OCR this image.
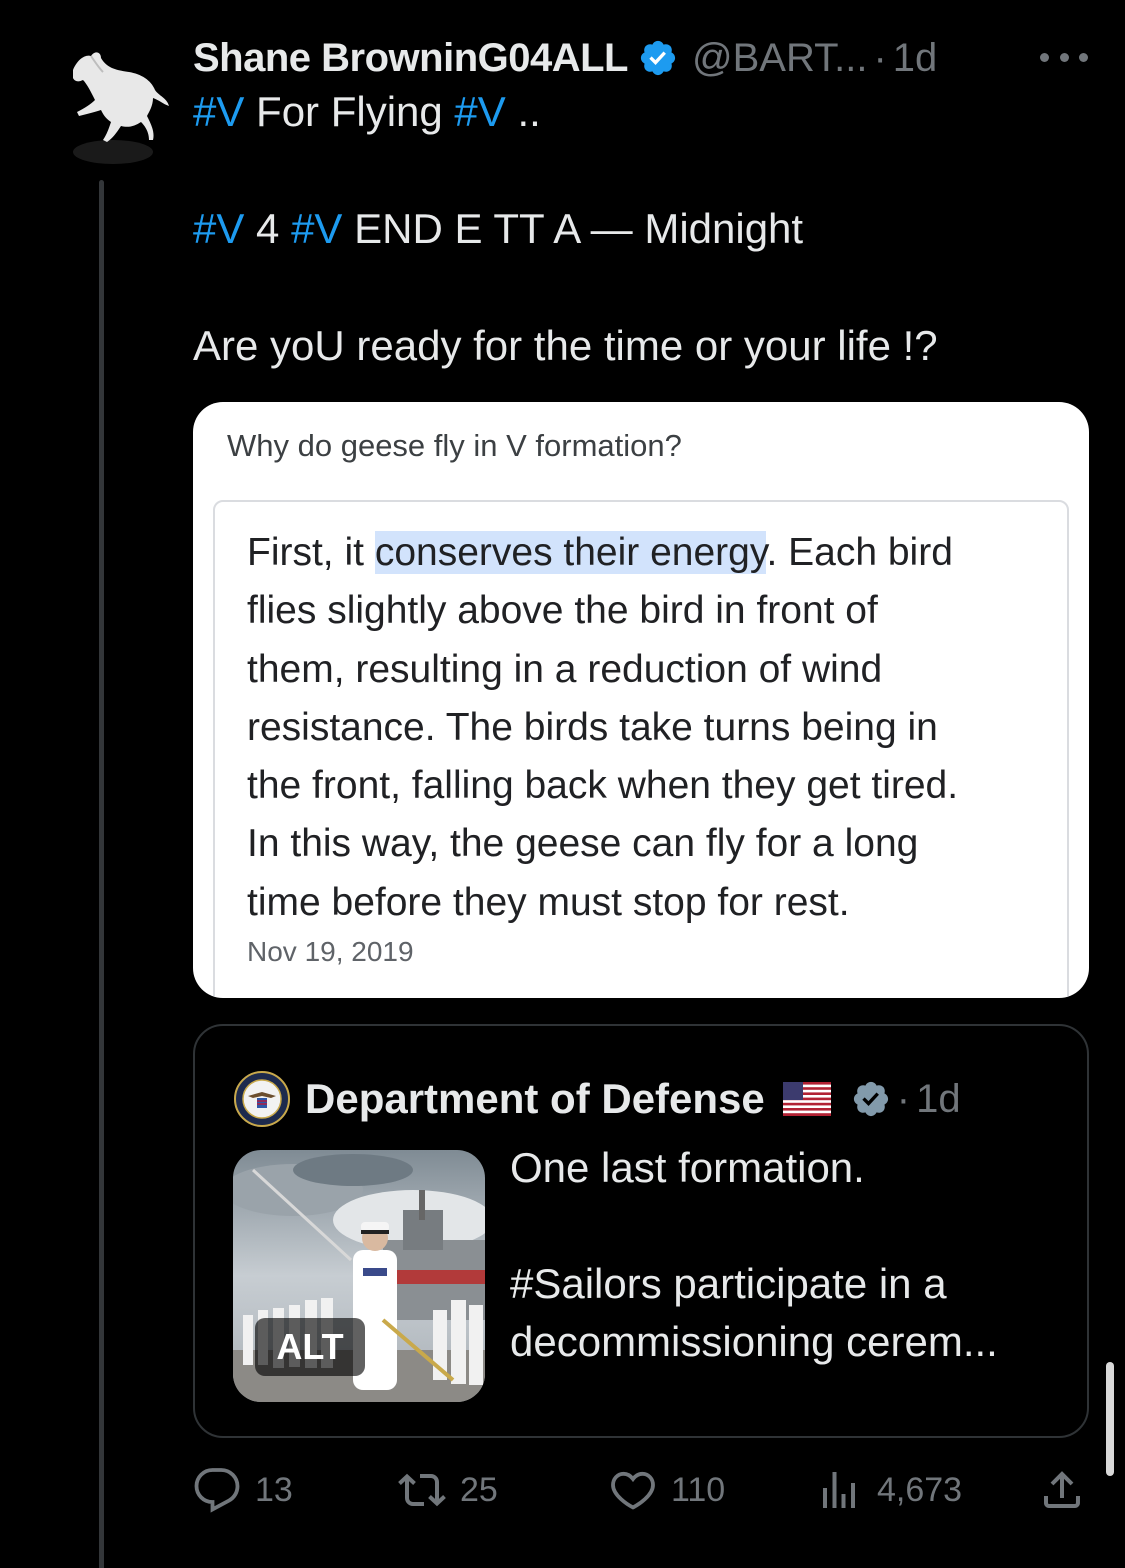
Shane BrowninG04ALL @BART... · 1d
#V For Flying #V ..
#V 4 #V END E TT A — Midnight
Are yoU ready for the time or your life !?
Why do geese fly in V formation?
First, it conserves their energy. Each bird
flies slightly above the bird in front of
them, resulting in a reduction of wind
resistance. The birds take turns being in
the front, falling back when they get tired.
In this way, the geese can fly for a long
time before they must stop for rest.
Nov 19, 2019
Department of Defense	· 1d
ALT
One last formation.
#Sailors participate in a
decommissioning cerem...
13	25	110	4,673
